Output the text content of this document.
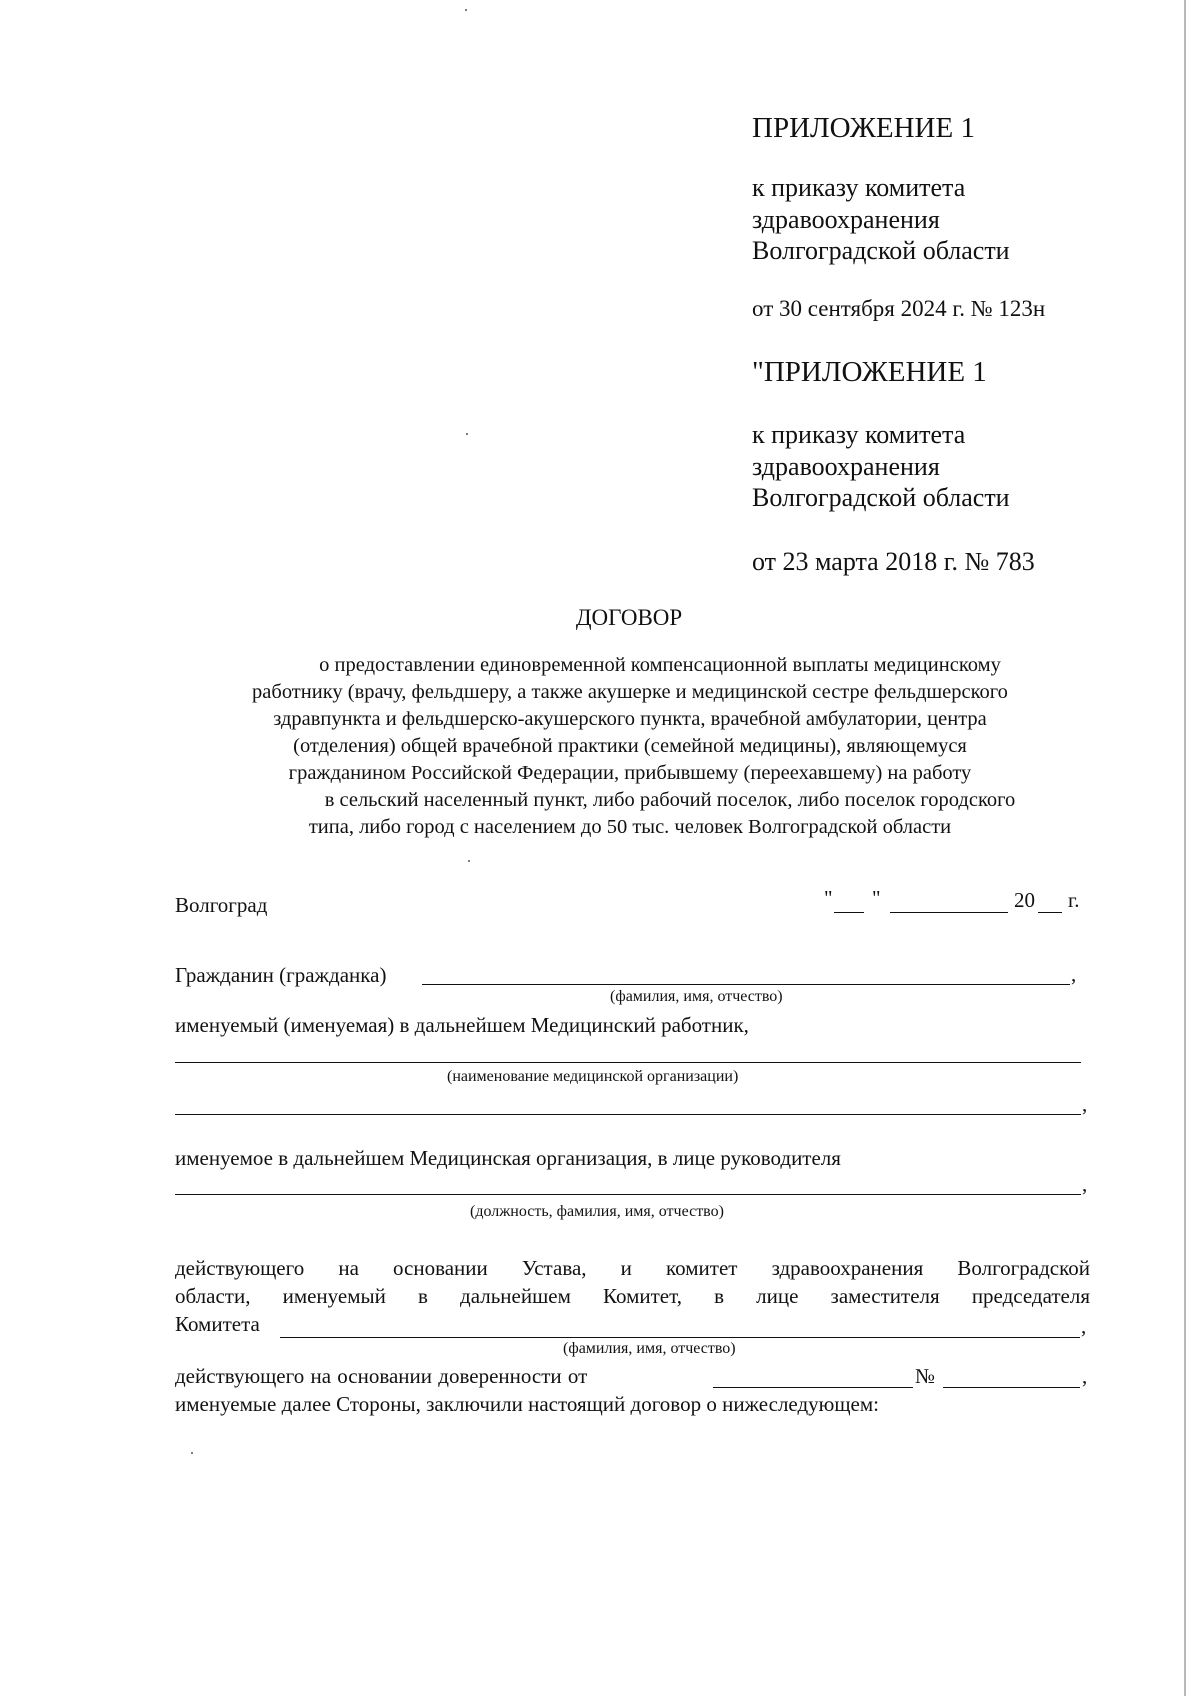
ПРИЛОЖЕНИЕ 1
к приказу комитета
здравоохранения
Волгоградской области
от 30 сентября 2024 г. № 123н
"ПРИЛОЖЕНИЕ 1
к приказу комитета
здравоохранения
Волгоградской области
от 23 марта 2018 г. № 783
ДОГОВОР
о предоставлении единовременной компенсационной выплаты медицинскому
работнику (врачу, фельдшеру, а также акушерке и медицинской сестре фельдшерского
здравпункта и фельдшерско-акушерского пункта, врачебной амбулатории, центра
(отделения) общей врачебной практики (семейной медицины), являющемуся
гражданином Российской Федерации, прибывшему (переехавшему) на работу
в сельский населенный пункт, либо рабочий поселок, либо поселок городского
типа, либо город с населением до 50 тыс. человек Волгоградской области
Волгоград	" "	20 г.
Гражданин (гражданка)	,
(фамилия, имя, отчество)
именуемый (именуемая) в дальнейшем Медицинский работник,
(наименование медицинской организации)
,
именуемое в дальнейшем Медицинская организация, в лице руководителя
,
(должность, фамилия, имя, отчество)
действующего на основании Устава, и комитет здравоохранения Волгоградской
области, именуемый в дальнейшем Комитет, в лице заместителя председателя
Комитета	,
(фамилия, имя, отчество)
действующего на основании доверенности от	№	,
именуемые далее Стороны, заключили настоящий договор о нижеследующем:
